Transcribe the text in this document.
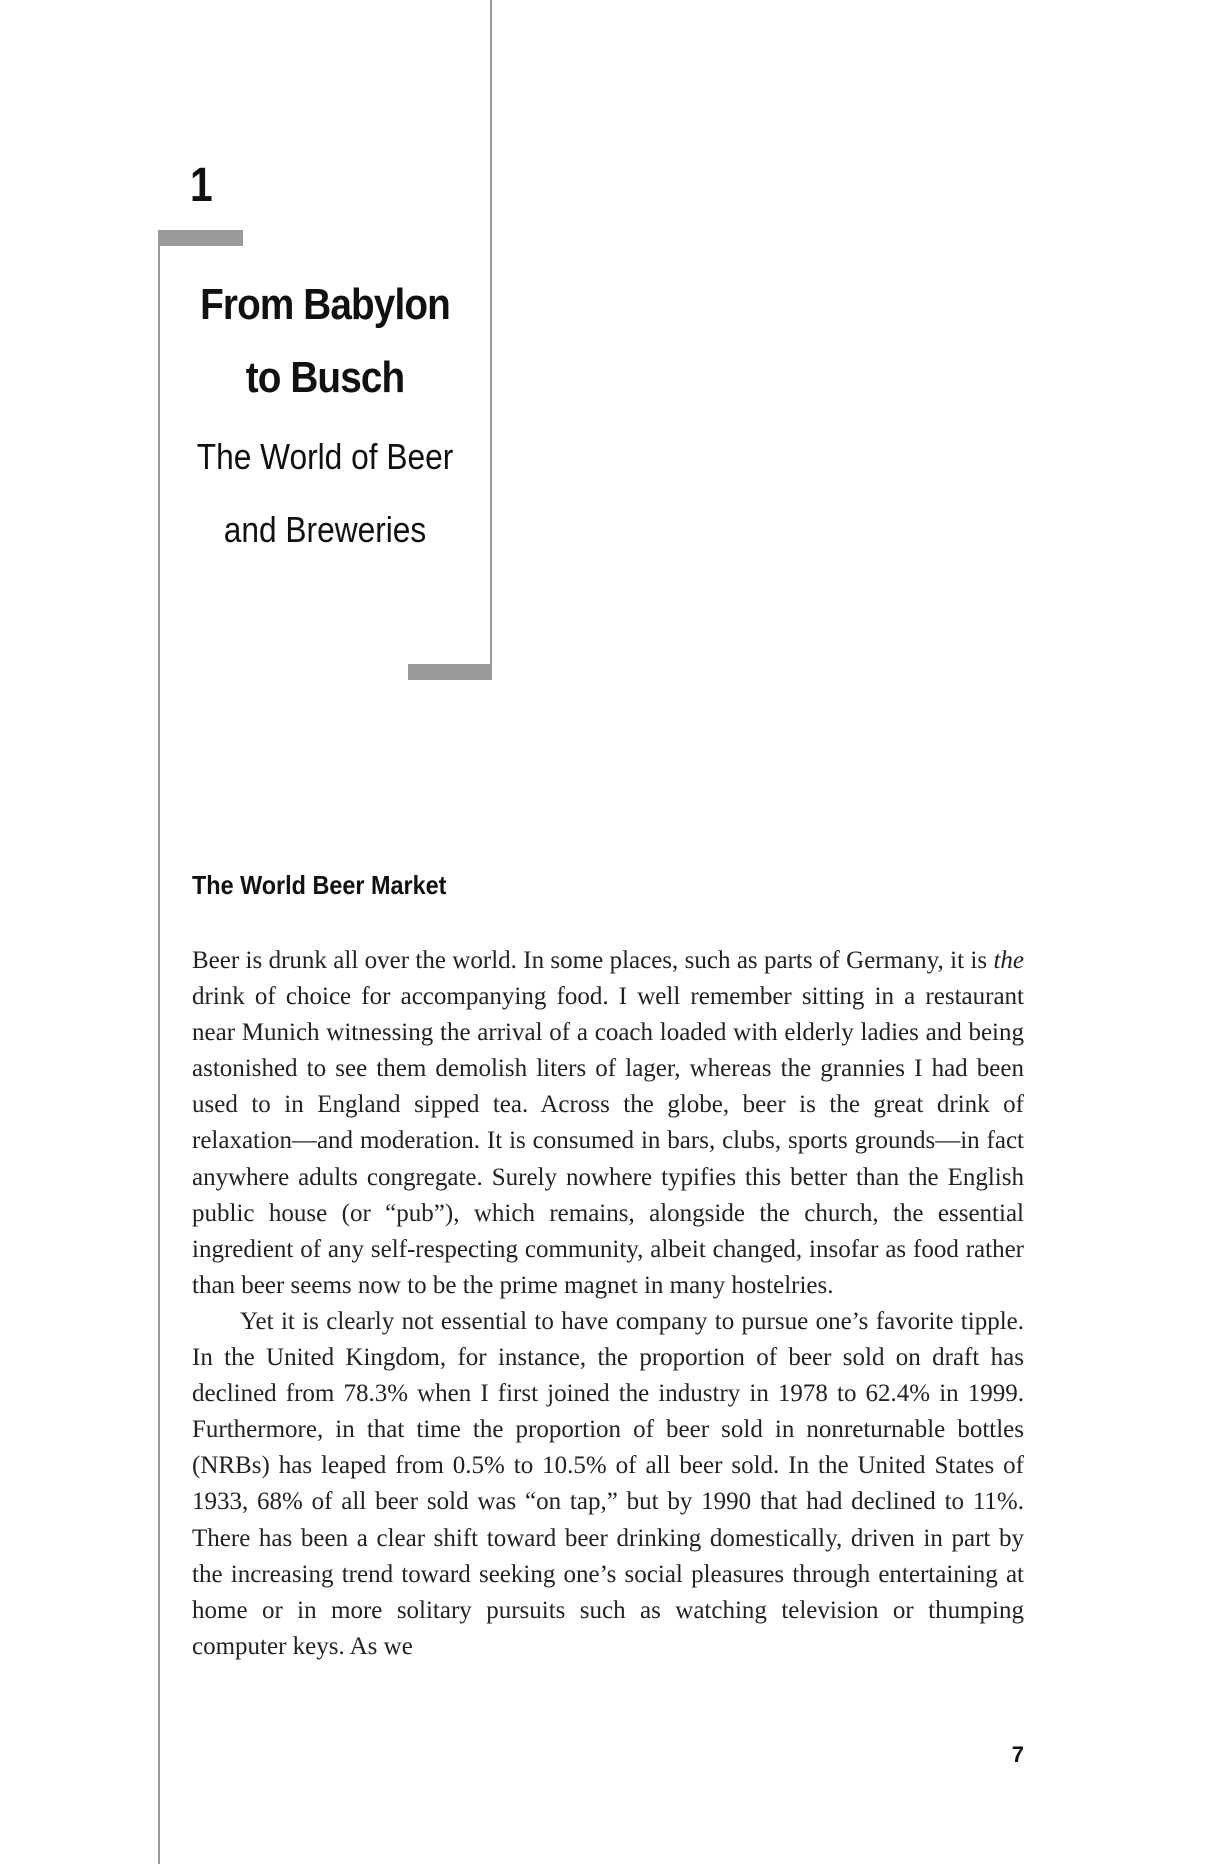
1
From Babylon
to Busch
The World of Beer
and Breweries
The World Beer Market

Beer is drunk all over the world. In some places, such as parts of Germany, it is the drink of choice for accompanying food. I well remember sitting in a restaurant near Munich witnessing the arrival of a coach loaded with elderly ladies and being astonished to see them demolish liters of lager, whereas the grannies I had been used to in England sipped tea. Across the globe, beer is the great drink of relaxation—and moderation. It is consumed in bars, clubs, sports grounds—in fact anywhere adults congregate. Surely nowhere typifies this better than the English public house (or “pub”), which remains, alongside the church, the essential ingredient of any self-respecting community, albeit changed, insofar as food rather than beer seems now to be the prime magnet in many hostelries.

Yet it is clearly not essential to have company to pursue one’s favorite tipple. In the United Kingdom, for instance, the proportion of beer sold on draft has declined from 78.3% when I first joined the industry in 1978 to 62.4% in 1999. Furthermore, in that time the proportion of beer sold in nonreturnable bottles (NRBs) has leaped from 0.5% to 10.5% of all beer sold. In the United States of 1933, 68% of all beer sold was “on tap,” but by 1990 that had declined to 11%. There has been a clear shift toward beer drinking domestically, driven in part by the increasing trend toward seeking one’s social pleasures through entertaining at home or in more solitary pursuits such as watching television or thumping computer keys. As we

7
